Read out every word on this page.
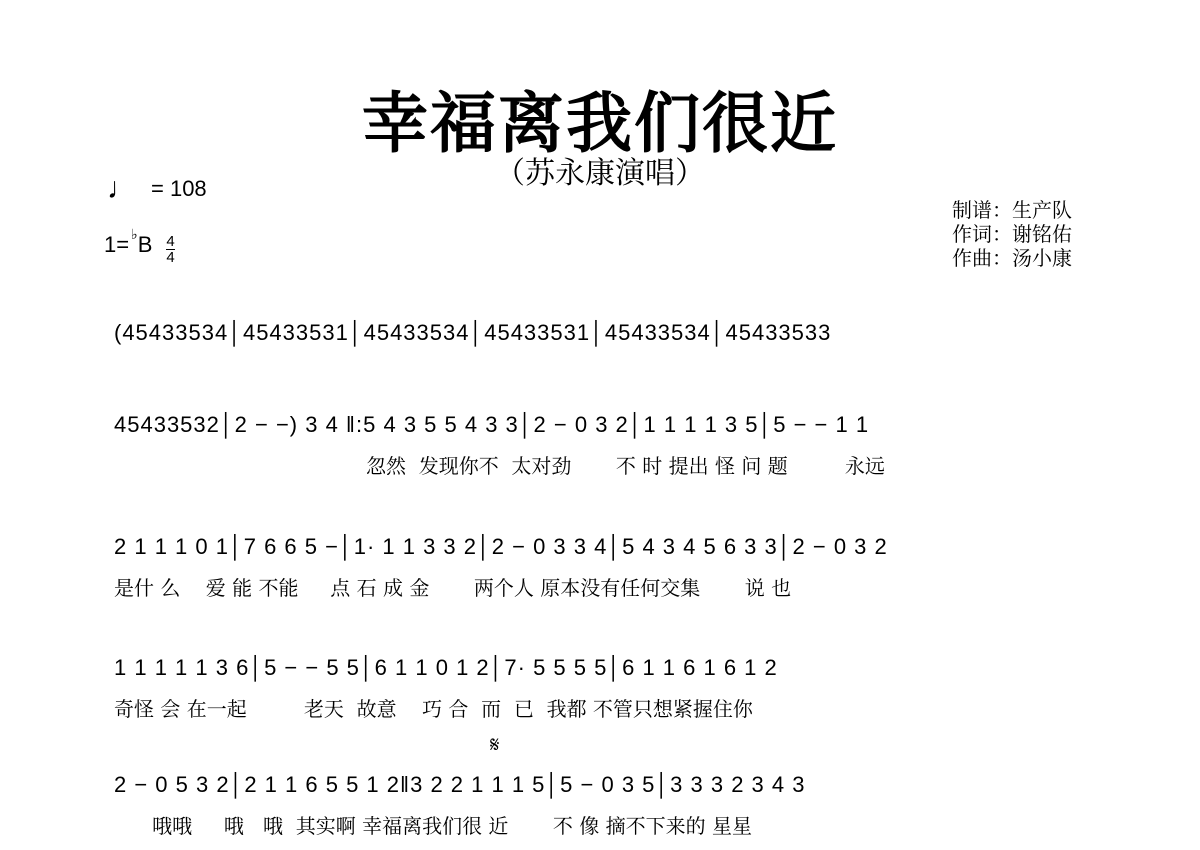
幸福离我们很近
（苏永康演唱）
♩ = 108
1= ♭ B $\frac{4}{4}$
制谱：生产队
作词：谢铭佑
作曲：汤小康
𝄋
(45433534│45433531│45433534│45433531│45433534│45433533
45433532│2 − −) 3 4 ‖:5 4 3 5 5 4 3 3│2 − 0 3 2│1 1 1 1 3 5│5 − − 1 1
忽然  发现你不  太对劲       不 时 提出 怪 问 题         永远
2 1 1 1 0 1│7 6 6 5 −│1· 1 1 3 3 2│2 − 0 3 3 4│5 4 3 4 5 6 3 3│2 − 0 3 2
是什 么    爱 能 不能     点 石 成 金       两个人 原本没有任何交集       说 也
1 1 1 1 1 3 6│5 − − 5 5│6 1 1 0 1 2│7· 5 5 5 5│6 1 1 6 1 6 1 2
奇怪 会 在一起         老天  故意    巧 合  而  已  我都 不管只想紧握住你
2 − 0 5 3 2│2 1 1 6 5 5 1 2‖3 2 2 1 1 1 5│5 − 0 3 5│3 3 3 2 3 4 3
哦哦     哦   哦  其实啊 幸福离我们很 近       不 像 摘不下来的 星星
